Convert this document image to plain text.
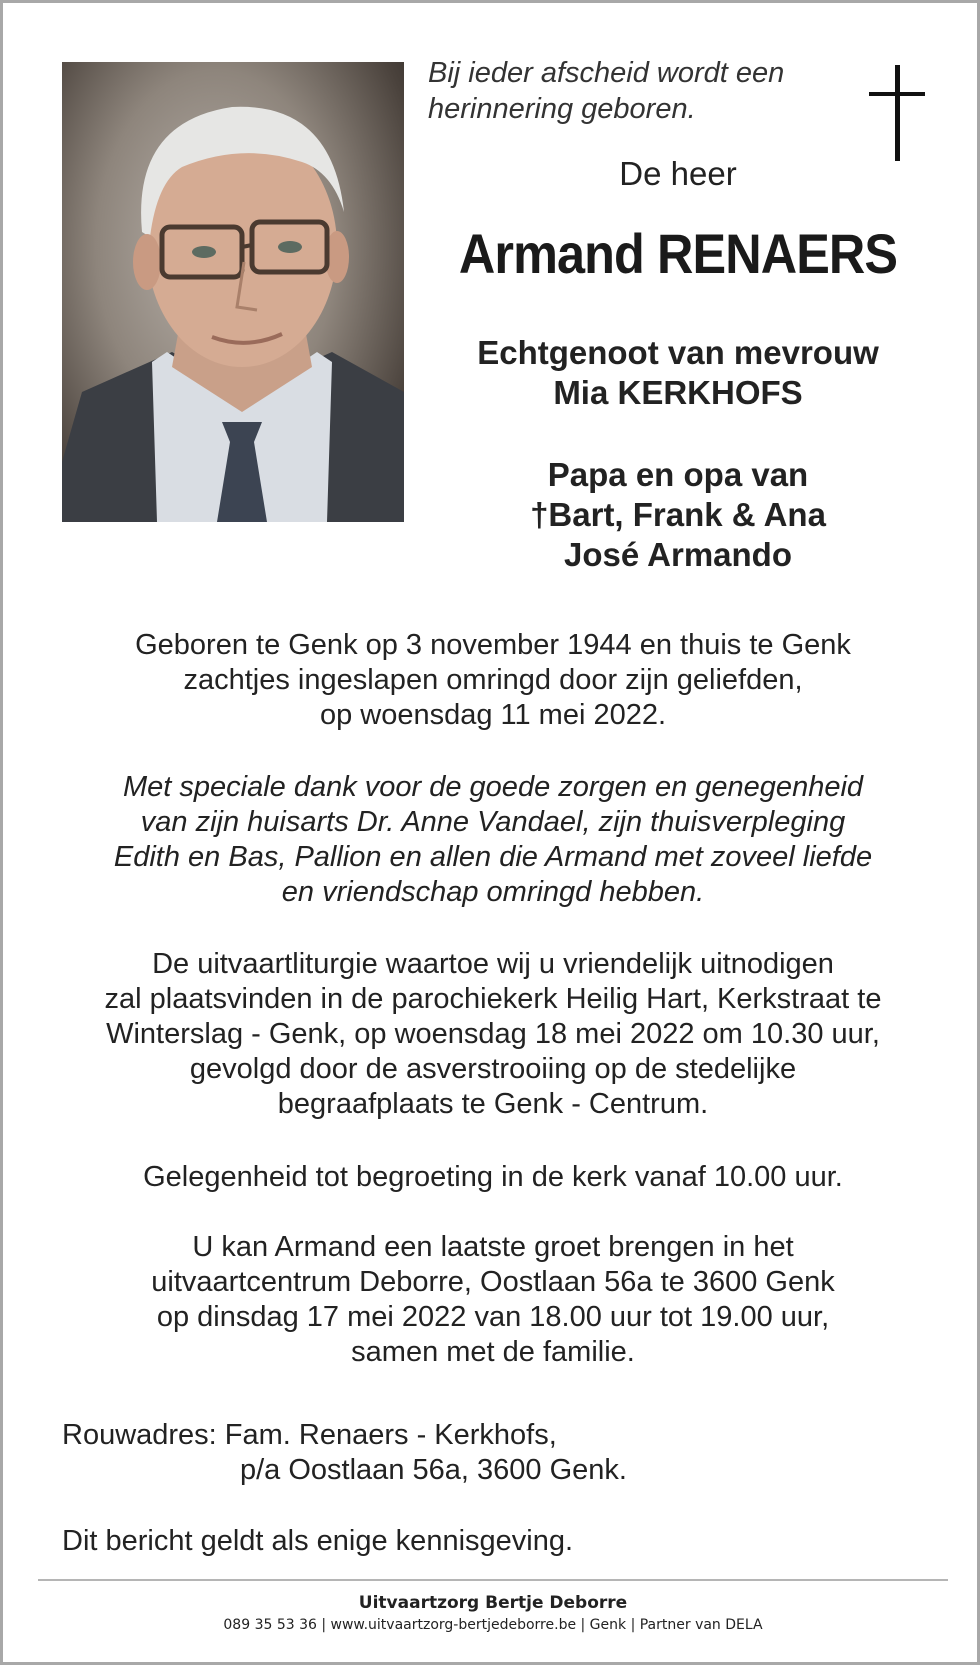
Bij ieder afscheid wordt een
herinnering geboren.
De heer
Armand RENAERS
Echtgenoot van mevrouw
Mia KERKHOFS
Papa en opa van
†Bart, Frank & Ana
José Armando
Geboren te Genk op 3 november 1944 en thuis te Genk
zachtjes ingeslapen omringd door zijn geliefden,
op woensdag 11 mei 2022.
Met speciale dank voor de goede zorgen en genegenheid
van zijn huisarts Dr. Anne Vandael, zijn thuisverpleging
Edith en Bas, Pallion en allen die Armand met zoveel liefde
en vriendschap omringd hebben.
De uitvaartliturgie waartoe wij u vriendelijk uitnodigen
zal plaatsvinden in de parochiekerk Heilig Hart, Kerkstraat te
Winterslag - Genk, op woensdag 18 mei 2022 om 10.30 uur,
gevolgd door de asverstrooiing op de stedelijke
begraafplaats te Genk - Centrum.
Gelegenheid tot begroeting in de kerk vanaf 10.00 uur.
U kan Armand een laatste groet brengen in het
uitvaartcentrum Deborre, Oostlaan 56a te 3600 Genk
op dinsdag 17 mei 2022 van 18.00 uur tot 19.00 uur,
samen met de familie.
Rouwadres: Fam. Renaers - Kerkhofs,
p/a Oostlaan 56a, 3600 Genk.
Dit bericht geldt als enige kennisgeving.
Uitvaartzorg Bertje Deborre
089 35 53 36 | www.uitvaartzorg-bertjedeborre.be | Genk | Partner van DELA
